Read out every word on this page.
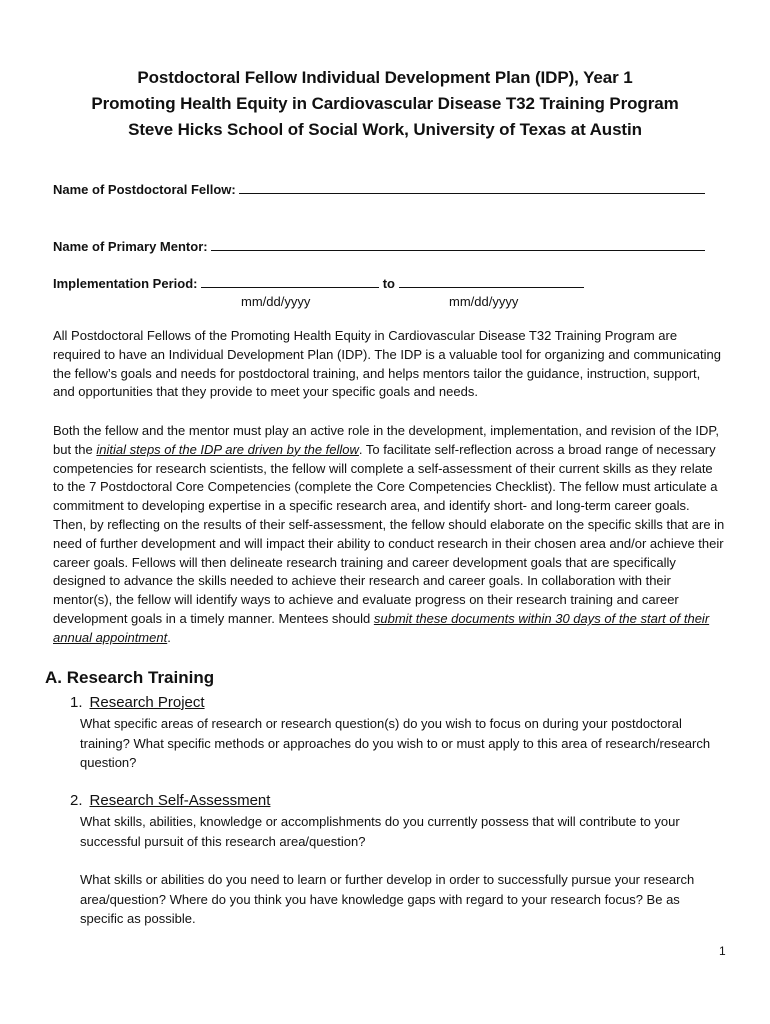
Postdoctoral Fellow Individual Development Plan (IDP), Year 1
Promoting Health Equity in Cardiovascular Disease T32 Training Program
Steve Hicks School of Social Work, University of Texas at Austin
Name of Postdoctoral Fellow:
Name of Primary Mentor:
Implementation Period:	to
mm/dd/yyyy	mm/dd/yyyy

All Postdoctoral Fellows of the Promoting Health Equity in Cardiovascular Disease T32 Training Program are required to have an Individual Development Plan (IDP). The IDP is a valuable tool for organizing and communicating the fellow’s goals and needs for postdoctoral training, and helps mentors tailor the guidance, instruction, support, and opportunities that they provide to meet your specific goals and needs.

Both the fellow and the mentor must play an active role in the development, implementation, and revision of the IDP, but the initial steps of the IDP are driven by the fellow. To facilitate self-reflection across a broad range of necessary competencies for research scientists, the fellow will complete a self-assessment of their current skills as they relate to the 7 Postdoctoral Core Competencies (complete the Core Competencies Checklist). The fellow must articulate a commitment to developing expertise in a specific research area, and identify short- and long-term career goals. Then, by reflecting on the results of their self-assessment, the fellow should elaborate on the specific skills that are in need of further development and will impact their ability to conduct research in their chosen area and/or achieve their career goals. Fellows will then delineate research training and career development goals that are specifically designed to advance the skills needed to achieve their research and career goals. In collaboration with their mentor(s), the fellow will identify ways to achieve and evaluate progress on their research training and career development goals in a timely manner. Mentees should submit these documents within 30 days of the start of their annual appointment.

A. Research Training
1. Research Project

What specific areas of research or research question(s) do you wish to focus on during your postdoctoral training? What specific methods or approaches do you wish to or must apply to this area of research/research question?

2. Research Self-Assessment

What skills, abilities, knowledge or accomplishments do you currently possess that will contribute to your successful pursuit of this research area/question?

What skills or abilities do you need to learn or further develop in order to successfully pursue your research area/question? Where do you think you have knowledge gaps with regard to your research focus? Be as specific as possible.

1
